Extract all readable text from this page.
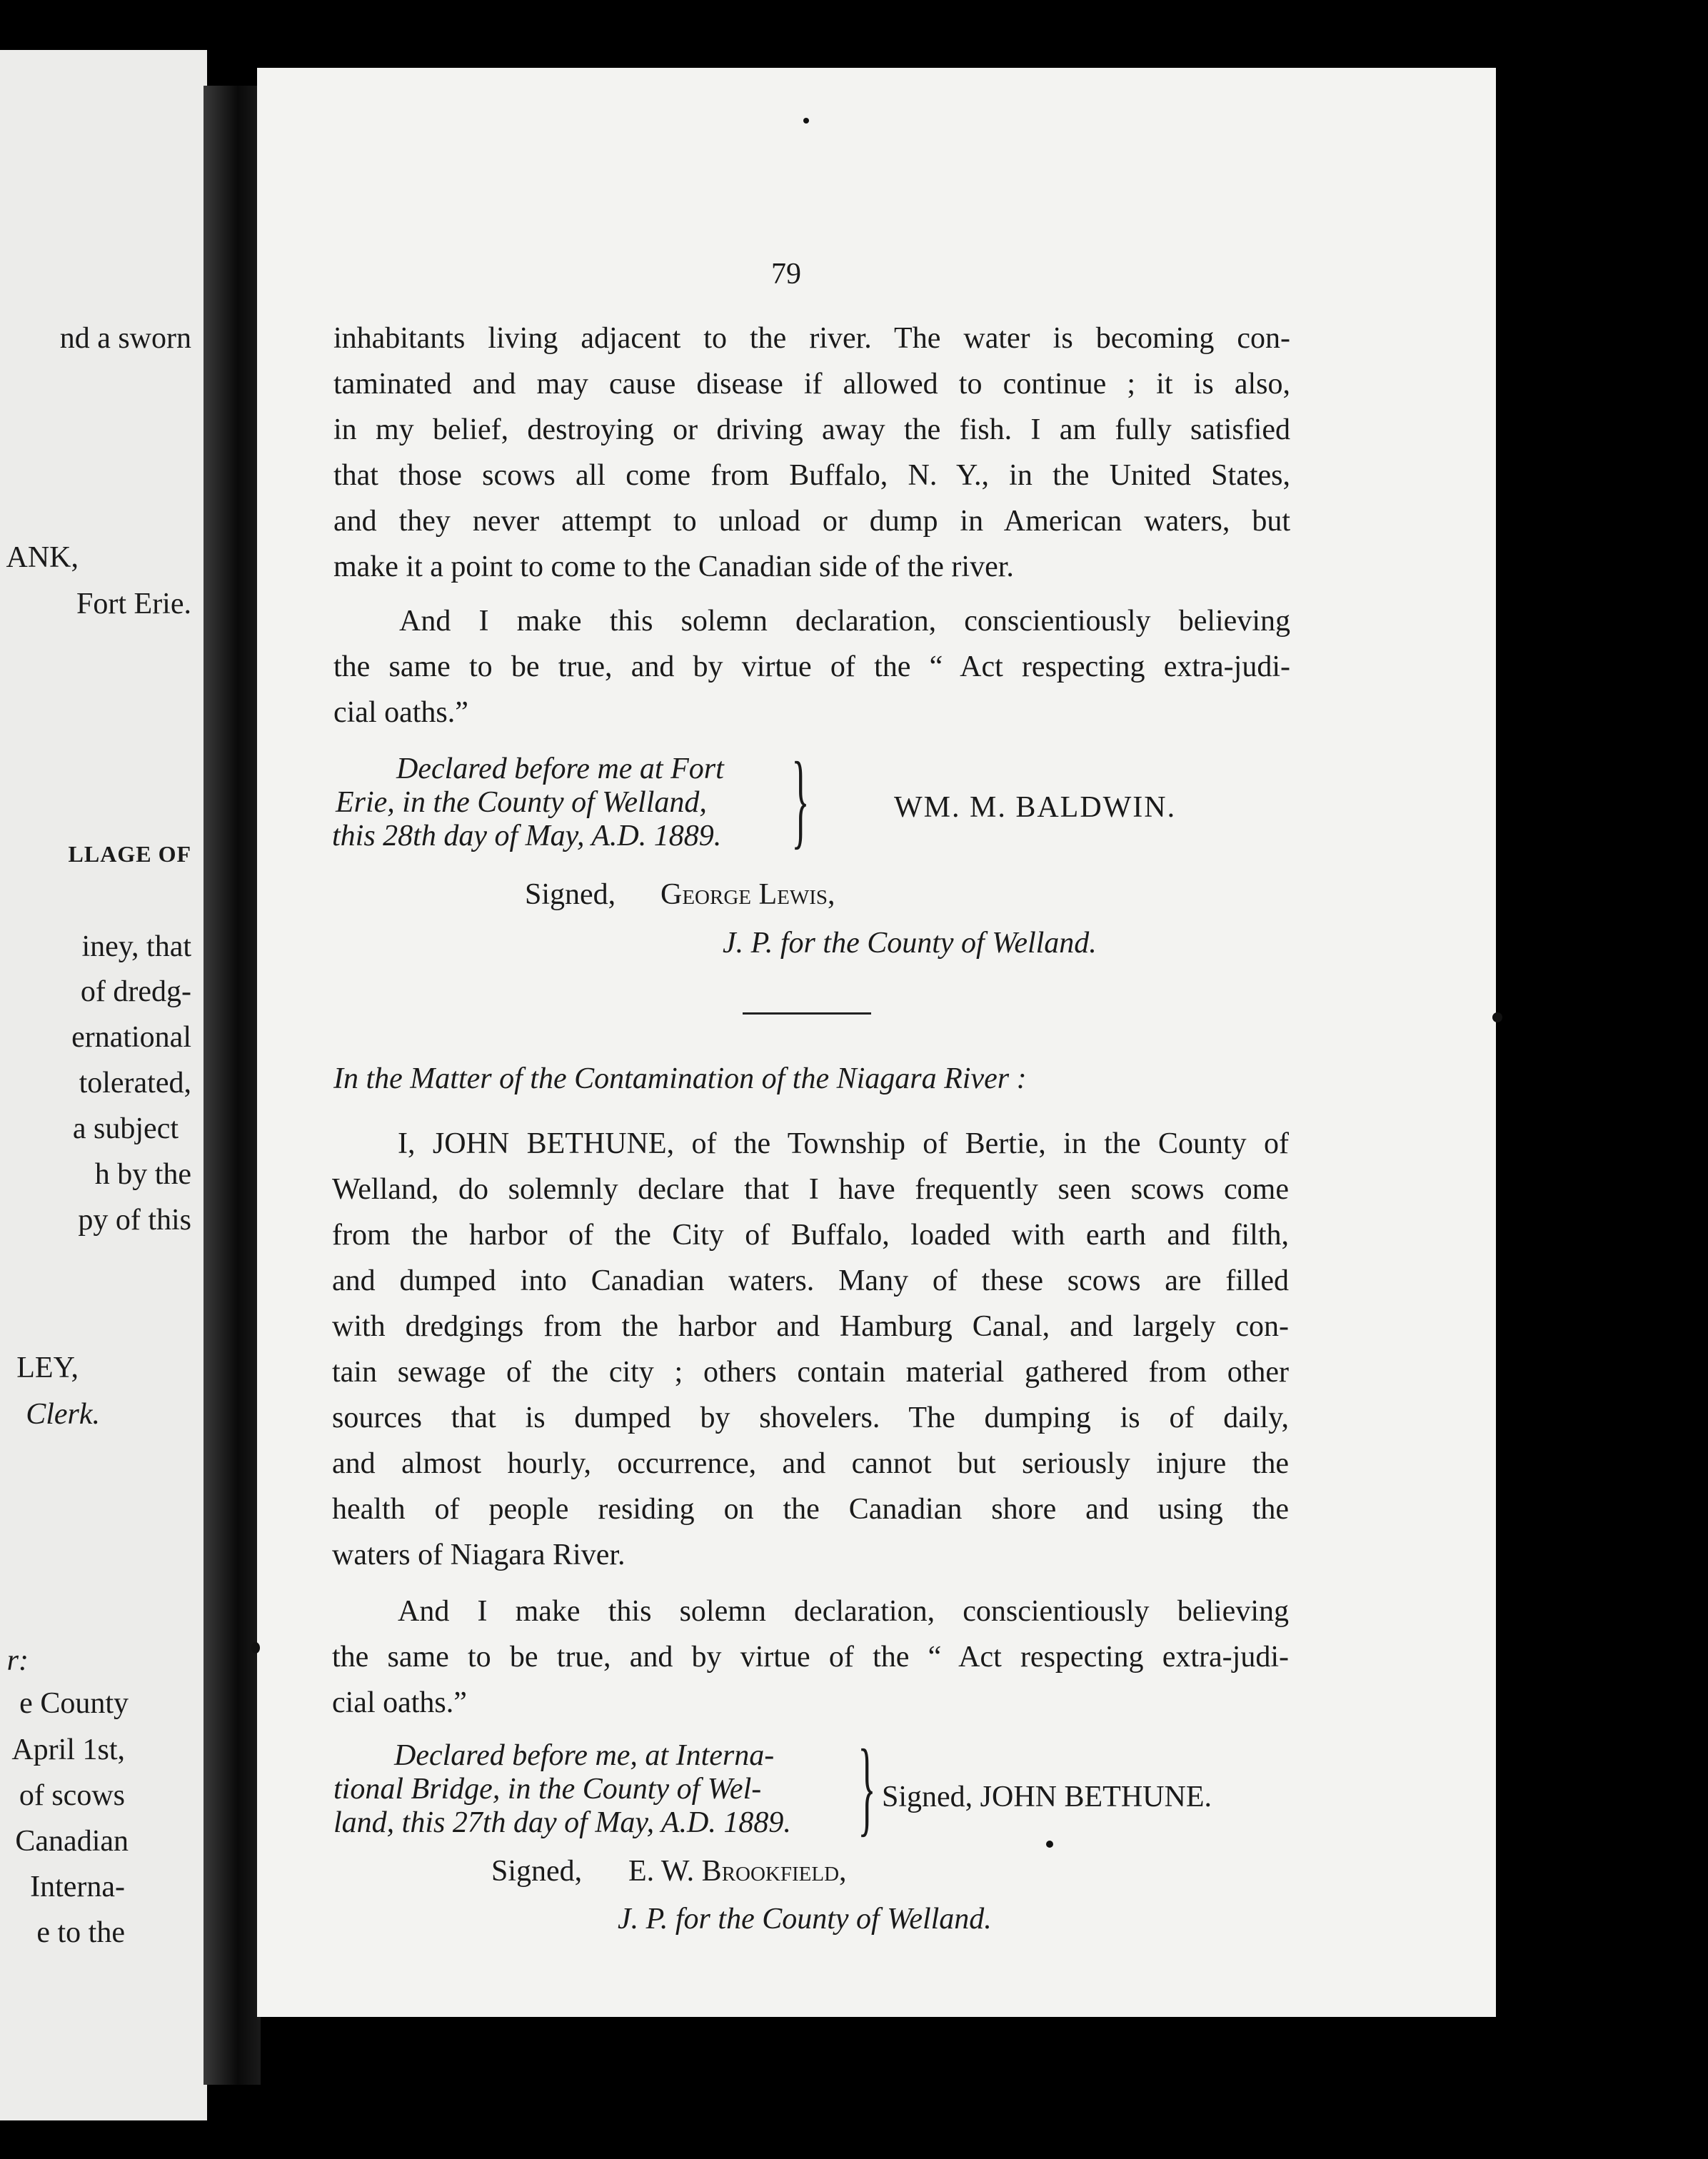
nd a sworn
ANK,
Fort Erie.
LLAGE OF
iney, that
of dredg-
ernational
tolerated,
a subject
h by the
py of this
LEY,
Clerk.
r:
e County
April 1st,
of scows
Canadian
Interna-
e to the
79
inhabitants living adjacent to the river. The water is becoming con-
taminated and may cause disease if allowed to continue ; it is also,
in my belief, destroying or driving away the fish. I am fully satisfied
that those scows all come from Buffalo, N. Y., in the United States,
and they never attempt to unload or dump in American waters, but
make it a point to come to the Canadian side of the river.
And I make this solemn declaration, conscientiously believing
the same to be true, and by virtue of the “ Act respecting extra-judi-
cial oaths.”
Declared before me at Fort
Erie, in the County of Welland,
this 28th day of May, A.D. 1889. }	WM. M. BALDWIN.
Signed, George Lewis,
J. P. for the County of Welland.
In the Matter of the Contamination of the Niagara River :
I, JOHN BETHUNE, of the Township of Bertie, in the County of
Welland, do solemnly declare that I have frequently seen scows come
from the harbor of the City of Buffalo, loaded with earth and filth,
and dumped into Canadian waters. Many of these scows are filled
with dredgings from the harbor and Hamburg Canal, and largely con-
tain sewage of the city ; others contain material gathered from other
sources that is dumped by shovelers. The dumping is of daily,
and almost hourly, occurrence, and cannot but seriously injure the
health of people residing on the Canadian shore and using the
waters of Niagara River.
And I make this solemn declaration, conscientiously believing
the same to be true, and by virtue of the “ Act respecting extra-judi-
cial oaths.”
Declared before me, at Interna-
tional Bridge, in the County of Wel-
land, this 27th day of May, A.D. 1889. } Signed, JOHN BETHUNE.
Signed, E. W. Brookfield,
J. P. for the County of Welland.
